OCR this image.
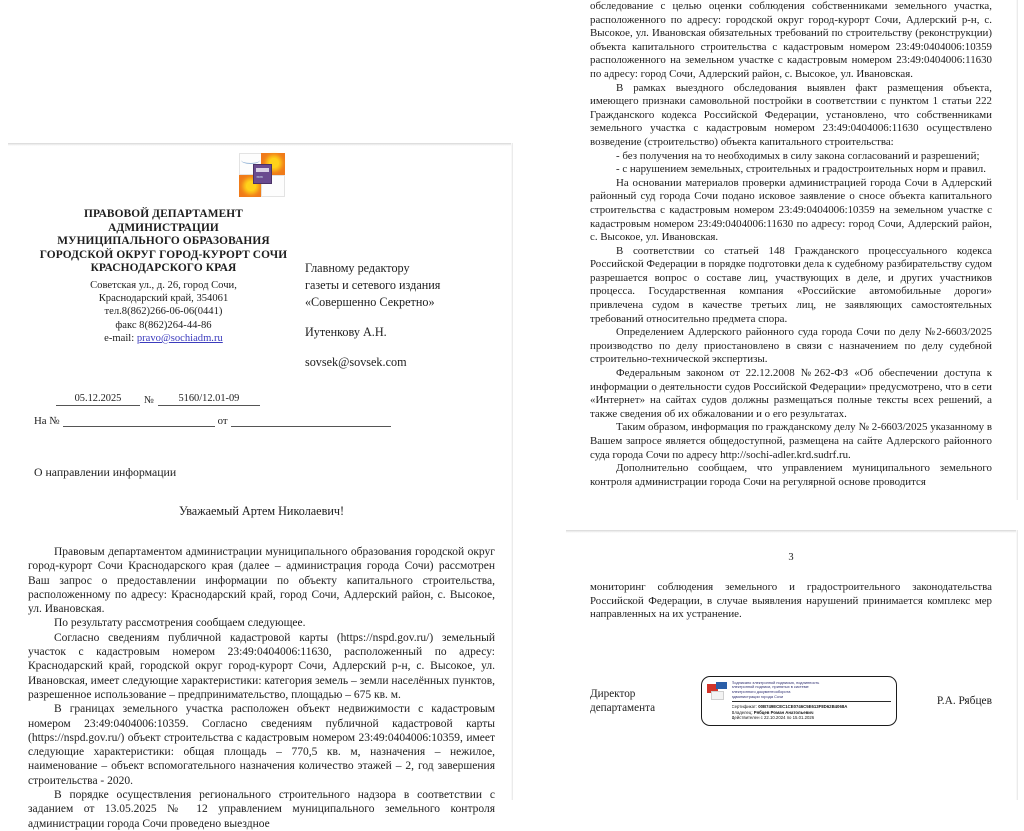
≈≈
ПРАВОВОЙ ДЕПАРТАМЕНТ
АДМИНИСТРАЦИИ
МУНИЦИПАЛЬНОГО ОБРАЗОВАНИЯ
ГОРОДСКОЙ ОКРУГ ГОРОД-КУРОРТ СОЧИ
КРАСНОДАРСКОГО КРАЯ
Советская ул., д. 26, город Сочи,
Краснодарский край, 354061
тел.8(862)266-06-06(0441)
факс 8(862)264-44-86
e-mail: pravo@sochiadm.ru
Главному редактору
газеты и сетевого издания
«Совершенно Секретно»
Иутенкову А.Н.
sovsek@sovsek.com
05.12.2025	№	5160/12.01-09
На №	от
О направлении информации
Уважаемый Артем Николаевич!

Правовым департаментом администрации муниципального образования городской округ город-курорт Сочи Краснодарского края (далее – администрация города Сочи) рассмотрен Ваш запрос о предоставлении информации по объекту капитального строительства, расположенному по адресу: Краснодарский край, город Сочи, Адлерский район, с. Высокое, ул. Ивановская.

По результату рассмотрения сообщаем следующее.

Согласно сведениям публичной кадастровой карты (https://nspd.gov.ru/) земельный участок с кадастровым номером 23:49:0404006:11630, расположенный по адресу: Краснодарский край, городской округ город-курорт Сочи, Адлерский р-н, с. Высокое, ул. Ивановская, имеет следующие характеристики: категория земель – земли населённых пунктов, разрешенное использование – предпринимательство, площадью – 675 кв. м.

В границах земельного участка расположен объект недвижимости с кадастровым номером 23:49:0404006:10359. Согласно сведениям публичной кадастровой карты (https://nspd.gov.ru/) объект строительства с кадастровым номером 23:49:0404006:10359, имеет следующие характеристики: общая площадь – 770,5 кв. м, назначения – нежилое, наименование – объект вспомогательного назначения количество этажей – 2, год завершения строительства - 2020.

В порядке осуществления регионального строительного надзора в соответствии с заданием от 13.05.2025 № 12 управлением муниципального земельного контроля администрации города Сочи проведено выездное

обследование с целью оценки соблюдения собственниками земельного участка, расположенного по адресу: городской округ город-курорт Сочи, Адлерский р-н, с. Высокое, ул. Ивановская обязательных требований по строительству (реконструкции) объекта капитального строительства с кадастровым номером 23:49:0404006:10359 расположенного на земельном участке с кадастровым номером 23:49:0404006:11630 по адресу: город Сочи, Адлерский район, с. Высокое, ул. Ивановская.

В рамках выездного обследования выявлен факт размещения объекта, имеющего признаки самовольной постройки в соответствии с пунктом 1 статьи 222 Гражданского кодекса Российской Федерации, установлено, что собственниками земельного участка с кадастровым номером 23:49:0404006:11630 осуществлено возведение (строительство) объекта капитального строительства:

- без получения на то необходимых в силу закона согласований и разрешений;

- с нарушением земельных, строительных и градостроительных норм и правил.

На основании материалов проверки администрацией города Сочи в Адлерский районный суд города Сочи подано исковое заявление о сносе объекта капитального строительства с кадастровым номером 23:49:0404006:10359 на земельном участке с кадастровым номером 23:49:0404006:11630 по адресу: город Сочи, Адлерский район, с. Высокое, ул. Ивановская.

В соответствии со статьей 148 Гражданского процессуального кодекса Российской Федерации в порядке подготовки дела к судебному разбирательству судом разрешается вопрос о составе лиц, участвующих в деле, и других участников процесса. Государственная компания «Российские автомобильные дороги» привлечена судом в качестве третьих лиц, не заявляющих самостоятельных требований относительно предмета спора.

Определением Адлерского районного суда города Сочи по делу №2-6603/2025 производство по делу приостановлено в связи с назначением по делу судебной строительно-технической экспертизы.

Федеральным законом от 22.12.2008 №262-ФЗ «Об обеспечении доступа к информации о деятельности судов Российской Федерации» предусмотрено, что в сети «Интернет» на сайтах судов должны размещаться полные тексты всех решений, а также сведения об их обжаловании и о его результатах.

Таким образом, информация по гражданскому делу № 2-6603/2025 указанному в Вашем запросе является общедоступной, размещена на сайте Адлерского районного суда города Сочи по адресу http://sochi-adler.krd.sudrf.ru.

Дополнительно сообщаем, что управлением муниципального земельного контроля администрации города Сочи на регулярной основе проводится

3

мониторинг соблюдения земельного и градостроительного законодательства Российской Федерации, в случае выявления нарушений принимается комплекс мер направленных на их устранение.

Директор
департамента
Подписано электронной подписью, подлинность
электронной подписи, принятых в системе
электронного документооборота
администрации города Сочи
Сертификат: 00B749ECEC1CE0746C5E613F8D62B4068A
Владелец: Рябцев Роман Анатольевич
Действителен с 22.10.2024 по 15.01.2026
Р.А. Рябцев
